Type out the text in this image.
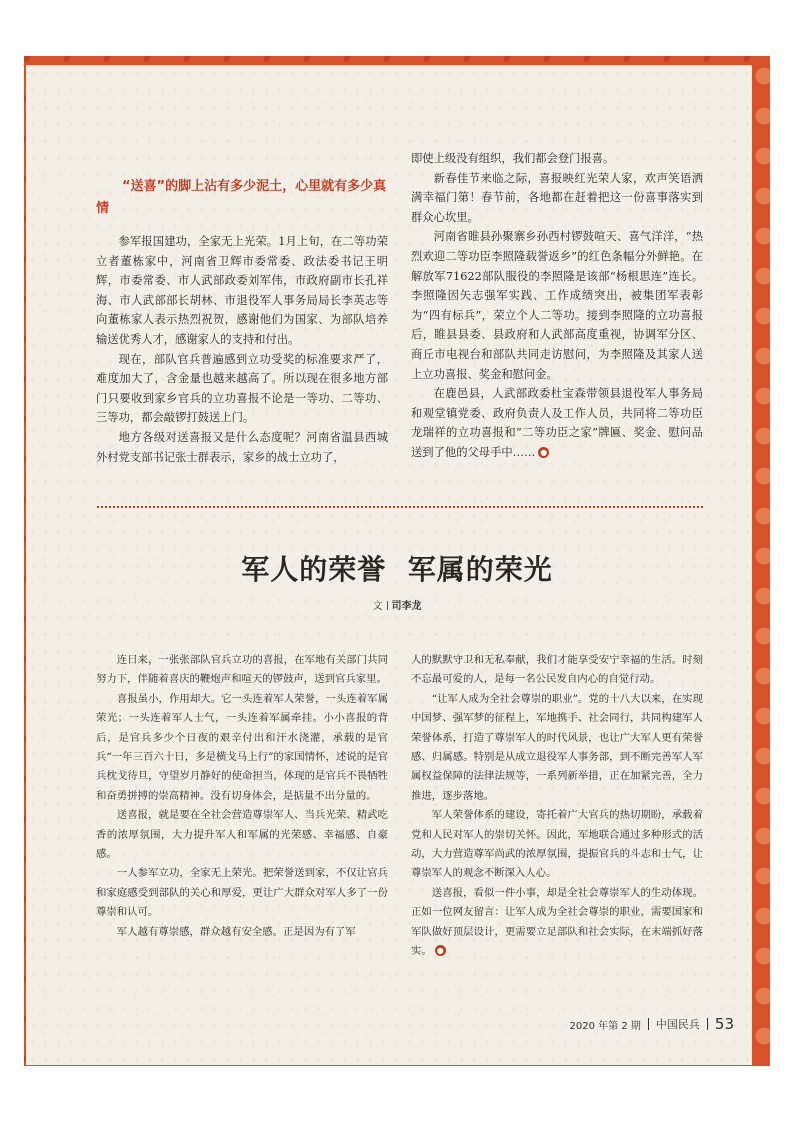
“送喜”的脚上沾有多少泥土，心里就有多少真情

参军报国建功，全家无上光荣。1月上旬，在二等功荣立者董栋家中，河南省卫辉市委常委、政法委书记王明辉，市委常委、市人武部政委刘军伟，市政府副市长孔祥海、市人武部部长胡林、市退役军人事务局局长李英志等向董栋家人表示热烈祝贺，感谢他们为国家、为部队培养输送优秀人才，感谢家人的支持和付出。

现在，部队官兵普遍感到立功受奖的标准要求严了，难度加大了，含金量也越来越高了。所以现在很多地方部门只要收到家乡官兵的立功喜报不论是一等功、二等功、三等功，都会敲锣打鼓送上门。

地方各级对送喜报又是什么态度呢？河南省温县西城外村党支部书记张士群表示，家乡的战士立功了，

即使上级没有组织，我们都会登门报喜。

新春佳节来临之际，喜报映红光荣人家，欢声笑语洒满幸福门第！春节前，各地都在赶着把这一份喜事落实到群众心坎里。

河南省睢县孙聚寨乡孙西村锣鼓喧天、喜气洋洋，“热烈欢迎二等功臣李照隆载誉返乡”的红色条幅分外鲜艳。在解放军71622部队服役的李照隆是该部“杨根思连”连长。李照隆因矢志强军实践、工作成绩突出，被集团军表彰为“四有标兵”，荣立个人二等功。接到李照隆的立功喜报后，睢县县委、县政府和人武部高度重视，协调军分区、商丘市电视台和部队共同走访慰问，为李照隆及其家人送上立功喜报、奖金和慰问金。

在鹿邑县，人武部政委杜宝森带领县退役军人事务局和观堂镇党委、政府负责人及工作人员，共同将二等功臣龙瑞祥的立功喜报和“二等功臣之家”牌匾、奖金、慰问品送到了他的父母手中…… ●

军人的荣誉  军属的荣光
文 司李龙

连日来，一张张部队官兵立功的喜报，在军地有关部门共同努力下，伴随着喜庆的鞭炮声和喧天的锣鼓声，送到官兵家里。

喜报虽小，作用却大。它一头连着军人荣誉，一头连着军属荣光；一头连着军人士气，一头连着军属牵挂。小小喜报的背后，是官兵多少个日夜的艰辛付出和汗水浇灌，承载的是官兵“一年三百六十日，多是横戈马上行”的家国情怀，述说的是官兵枕戈待旦，守望岁月静好的使命担当，体现的是官兵不畏牺牲和奋勇拼搏的崇高精神。没有切身体会，是掂量不出分量的。

送喜报，就是要在全社会营造尊崇军人、当兵光荣、精武吃香的浓厚氛围，大力提升军人和军属的光荣感、幸福感、自豪感。

一人参军立功，全家无上荣光。把荣誉送到家，不仅让官兵和家庭感受到部队的关心和厚爱，更让广大群众对军人多了一份尊崇和认可。

军人越有尊崇感，群众越有安全感。正是因为有了军

人的默默守卫和无私奉献，我们才能享受安宁幸福的生活。时刻不忘最可爱的人，是每一名公民发自内心的自觉行动。

“让军人成为全社会尊崇的职业”。党的十八大以来，在实现中国梦、强军梦的征程上，军地携手、社会同行，共同构建军人荣誉体系，打造了尊崇军人的时代风景，也让广大军人更有荣誉感、归属感。特别是从成立退役军人事务部，到不断完善军人军属权益保障的法律法规等，一系列新举措，正在加紧完善，全力推进，逐步落地。

军人荣誉体系的建设，寄托着广大官兵的热切期盼，承载着党和人民对军人的崇切关怀。因此，军地联合通过多种形式的活动，大力营造尊军尚武的浓厚氛围，提振官兵的斗志和士气，让尊崇军人的观念不断深入人心。

送喜报，看似一件小事，却是全社会尊崇军人的生动体现。正如一位网友留言：让军人成为全社会尊崇的职业，需要国家和军队做好顶层设计，更需要立足部队和社会实际，在末端抓好落实。 ●

2020 年第 2 期 中国民兵 53
